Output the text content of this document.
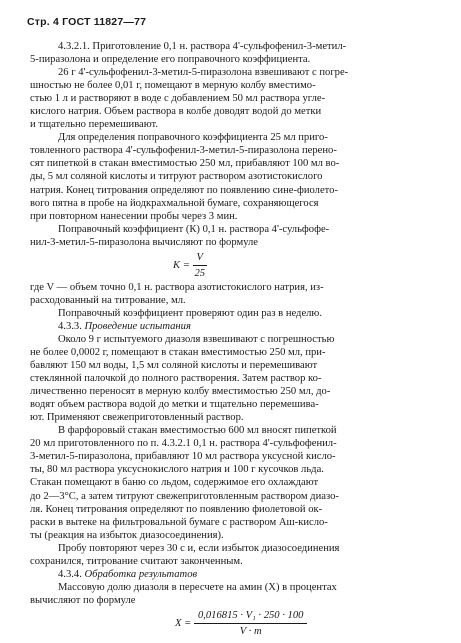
Стр. 4 ГОСТ 11827—77
4.3.2.1. Приготовление 0,1 н. раствора 4'-сульфофенил-3-метил-
5-пиразолона и определение его поправочного коэффициента.
26 г 4'-сульфофенил-3-метил-5-пиразолона взвешивают с погре-
шностью не более 0,01 г, помещают в мерную колбу вместимо-
стью 1 л и растворяют в воде с добавлением 50 мл раствора угле-
кислого натрия. Объем раствора в колбе доводят водой до метки
и тщательно перемешивают.
Для определения поправочного коэффициента 25 мл приго-
товленного раствора 4'-сульфофенил-3-метил-5-пиразолона перено-
сят пипеткой в стакан вместимостью 250 мл, прибавляют 100 мл во-
ды, 5 мл соляной кислоты и титруют раствором азотистокислого
натрия. Конец титрования определяют по появлению сине-фиолето-
вого пятна в пробе на йодкрахмальной бумаге, сохраняющегося
при повторном нанесении пробы через 3 мин.
Поправочный коэффициент (К) 0,1 н. раствора 4'-сульфофе-
нил-3-метил-5-пиразолона вычисляют по формуле
$K = \frac{V}{25}$
где V — объем точно 0,1 н. раствора азотистокислого натрия, из-
расходованный на титрование, мл.
Поправочный коэффициент проверяют один раз в неделю.
4.3.3. Проведение испытания
Около 9 г испытуемого диазоля взвешивают с погрешностью
не более 0,0002 г, помещают в стакан вместимостью 250 мл, при-
бавляют 150 мл воды, 1,5 мл соляной кислоты и перемешивают
стеклянной палочкой до полного растворения. Затем раствор ко-
личественно переносят в мерную колбу вместимостью 250 мл, до-
водят объем раствора водой до метки и тщательно перемешива-
ют. Применяют свежеприготовленный раствор.
В фарфоровый стакан вместимостью 600 мл вносят пипеткой
20 мл приготовленного по п. 4.3.2.1 0,1 н. раствора 4'-сульфофенил-
3-метил-5-пиразолона, прибавляют 10 мл раствора уксусной кисло-
ты, 80 мл раствора уксуснокислого натрия и 100 г кусочков льда.
Стакан помещают в баню со льдом, содержимое его охлаждают
до 2—3°С, а затем титруют свежеприготовленным раствором диазо-
ля. Конец титрования определяют по появлению фиолетовой ок-
раски в вытеке на фильтровальной бумаге с раствором Аш-кисло-
ты (реакция на избыток диазосоединения).
Пробу повторяют через 30 с и, если избыток диазосоединения
сохранился, титрование считают законченным.
4.3.4. Обработка результатов
Массовую долю диазоля в пересчете на амин (X) в процентах
вычисляют по формуле
$X = \frac{\text{0,016815 · V₁ · 250 · 100}}{V \cdot m}$
